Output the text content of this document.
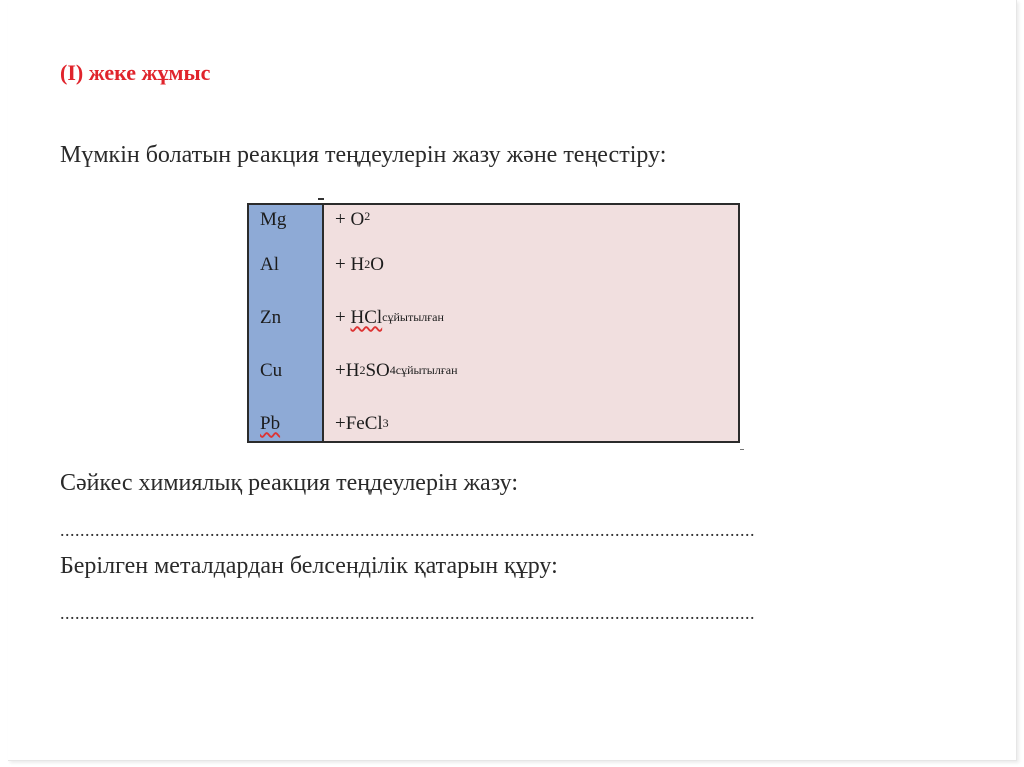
(І) жеке жұмыс
Мүмкін болатын реакция теңдеулерін жазу және теңестіру:
Mg
Al
Zn
Cu
Pb
+
O 2
+
H 2 O
+
HCl сұйытылған
+ H 2 SO 4 сұйытылған
+ FeCl 3
Сәйкес химиялық реакция теңдеулерін жазу:
...........................................................................................................................................
Берілген металдардан белсенділік қатарын құру:
...........................................................................................................................................
